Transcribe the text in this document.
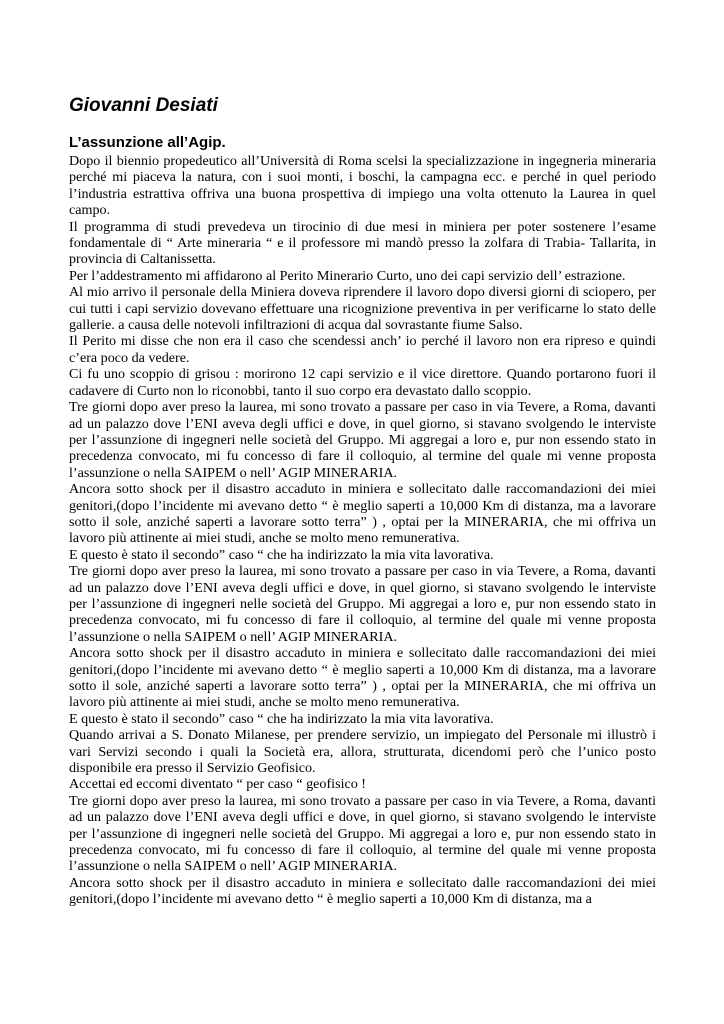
Giovanni Desiati
L’assunzione all’Agip.

Dopo il biennio propedeutico all’Università di Roma scelsi la specializzazione in ingegneria mineraria perché mi piaceva la natura, con i suoi monti, i boschi, la campagna ecc. e perché in quel periodo l’industria estrattiva offriva una buona prospettiva di impiego una volta ottenuto la Laurea in quel campo.

Il programma di studi prevedeva un tirocinio di due mesi in miniera per poter sostenere l’esame fondamentale di “ Arte mineraria “ e il professore mi mandò presso la zolfara di Trabia- Tallarita, in provincia di Caltanissetta.

Per l’addestramento mi affidarono al Perito Minerario Curto, uno dei capi servizio dell’ estrazione.

Al mio arrivo il personale della Miniera doveva riprendere il lavoro dopo diversi giorni di sciopero, per cui tutti i capi servizio dovevano effettuare una ricognizione preventiva in per verificarne lo stato delle gallerie. a causa delle notevoli infiltrazioni di acqua dal sovrastante fiume Salso.

Il Perito mi disse che non era il caso che scendessi anch’ io perché il lavoro non era ripreso e quindi c’era poco da vedere.

Ci fu uno scoppio di grisou : morirono 12 capi servizio e il vice direttore. Quando portarono fuori il cadavere di Curto non lo riconobbi, tanto il suo corpo era devastato dallo scoppio.

Tre giorni dopo aver preso la laurea, mi sono trovato a passare per caso in via Tevere, a Roma, davanti ad un palazzo dove l’ENI aveva degli uffici e dove, in quel giorno, si stavano svolgendo le interviste per l’assunzione di ingegneri nelle società del Gruppo. Mi aggregai a loro e, pur non essendo stato in precedenza convocato, mi fu concesso di fare il colloquio, al termine del quale mi venne proposta l’assunzione o nella SAIPEM o nell’ AGIP MINERARIA.

Ancora sotto shock per il disastro accaduto in miniera e sollecitato dalle raccomandazioni dei miei genitori,(dopo l’incidente mi avevano detto “ è meglio saperti a 10,000 Km di distanza, ma a lavorare sotto il sole, anziché saperti a lavorare sotto terra” ) , optai per la MINERARIA, che mi offriva un lavoro più attinente ai miei studi, anche se molto meno remunerativa.

E questo è stato il secondo” caso “ che ha indirizzato la mia vita lavorativa.

Tre giorni dopo aver preso la laurea, mi sono trovato a passare per caso in via Tevere, a Roma, davanti ad un palazzo dove l’ENI aveva degli uffici e dove, in quel giorno, si stavano svolgendo le interviste per l’assunzione di ingegneri nelle società del Gruppo. Mi aggregai a loro e, pur non essendo stato in precedenza convocato, mi fu concesso di fare il colloquio, al termine del quale mi venne proposta l’assunzione o nella SAIPEM o nell’ AGIP MINERARIA.

Ancora sotto shock per il disastro accaduto in miniera e sollecitato dalle raccomandazioni dei miei genitori,(dopo l’incidente mi avevano detto “ è meglio saperti a 10,000 Km di distanza, ma a lavorare sotto il sole, anziché saperti a lavorare sotto terra” ) , optai per la MINERARIA, che mi offriva un lavoro più attinente ai miei studi, anche se molto meno remunerativa.

E questo è stato il secondo” caso “ che ha indirizzato la mia vita lavorativa.

Quando arrivai a S. Donato Milanese, per prendere servizio, un impiegato del Personale mi illustrò i vari Servizi secondo i quali la Società era, allora, strutturata, dicendomi però che l’unico posto disponibile era presso il Servizio Geofisico.

Accettai ed eccomi diventato “ per caso “ geofisico !

Tre giorni dopo aver preso la laurea, mi sono trovato a passare per caso in via Tevere, a Roma, davanti ad un palazzo dove l’ENI aveva degli uffici e dove, in quel giorno, si stavano svolgendo le interviste per l’assunzione di ingegneri nelle società del Gruppo. Mi aggregai a loro e, pur non essendo stato in precedenza convocato, mi fu concesso di fare il colloquio, al termine del quale mi venne proposta l’assunzione o nella SAIPEM o nell’ AGIP MINERARIA.

Ancora sotto shock per il disastro accaduto in miniera e sollecitato dalle raccomandazioni dei miei genitori,(dopo l’incidente mi avevano detto “ è meglio saperti a 10,000 Km di distanza, ma a
